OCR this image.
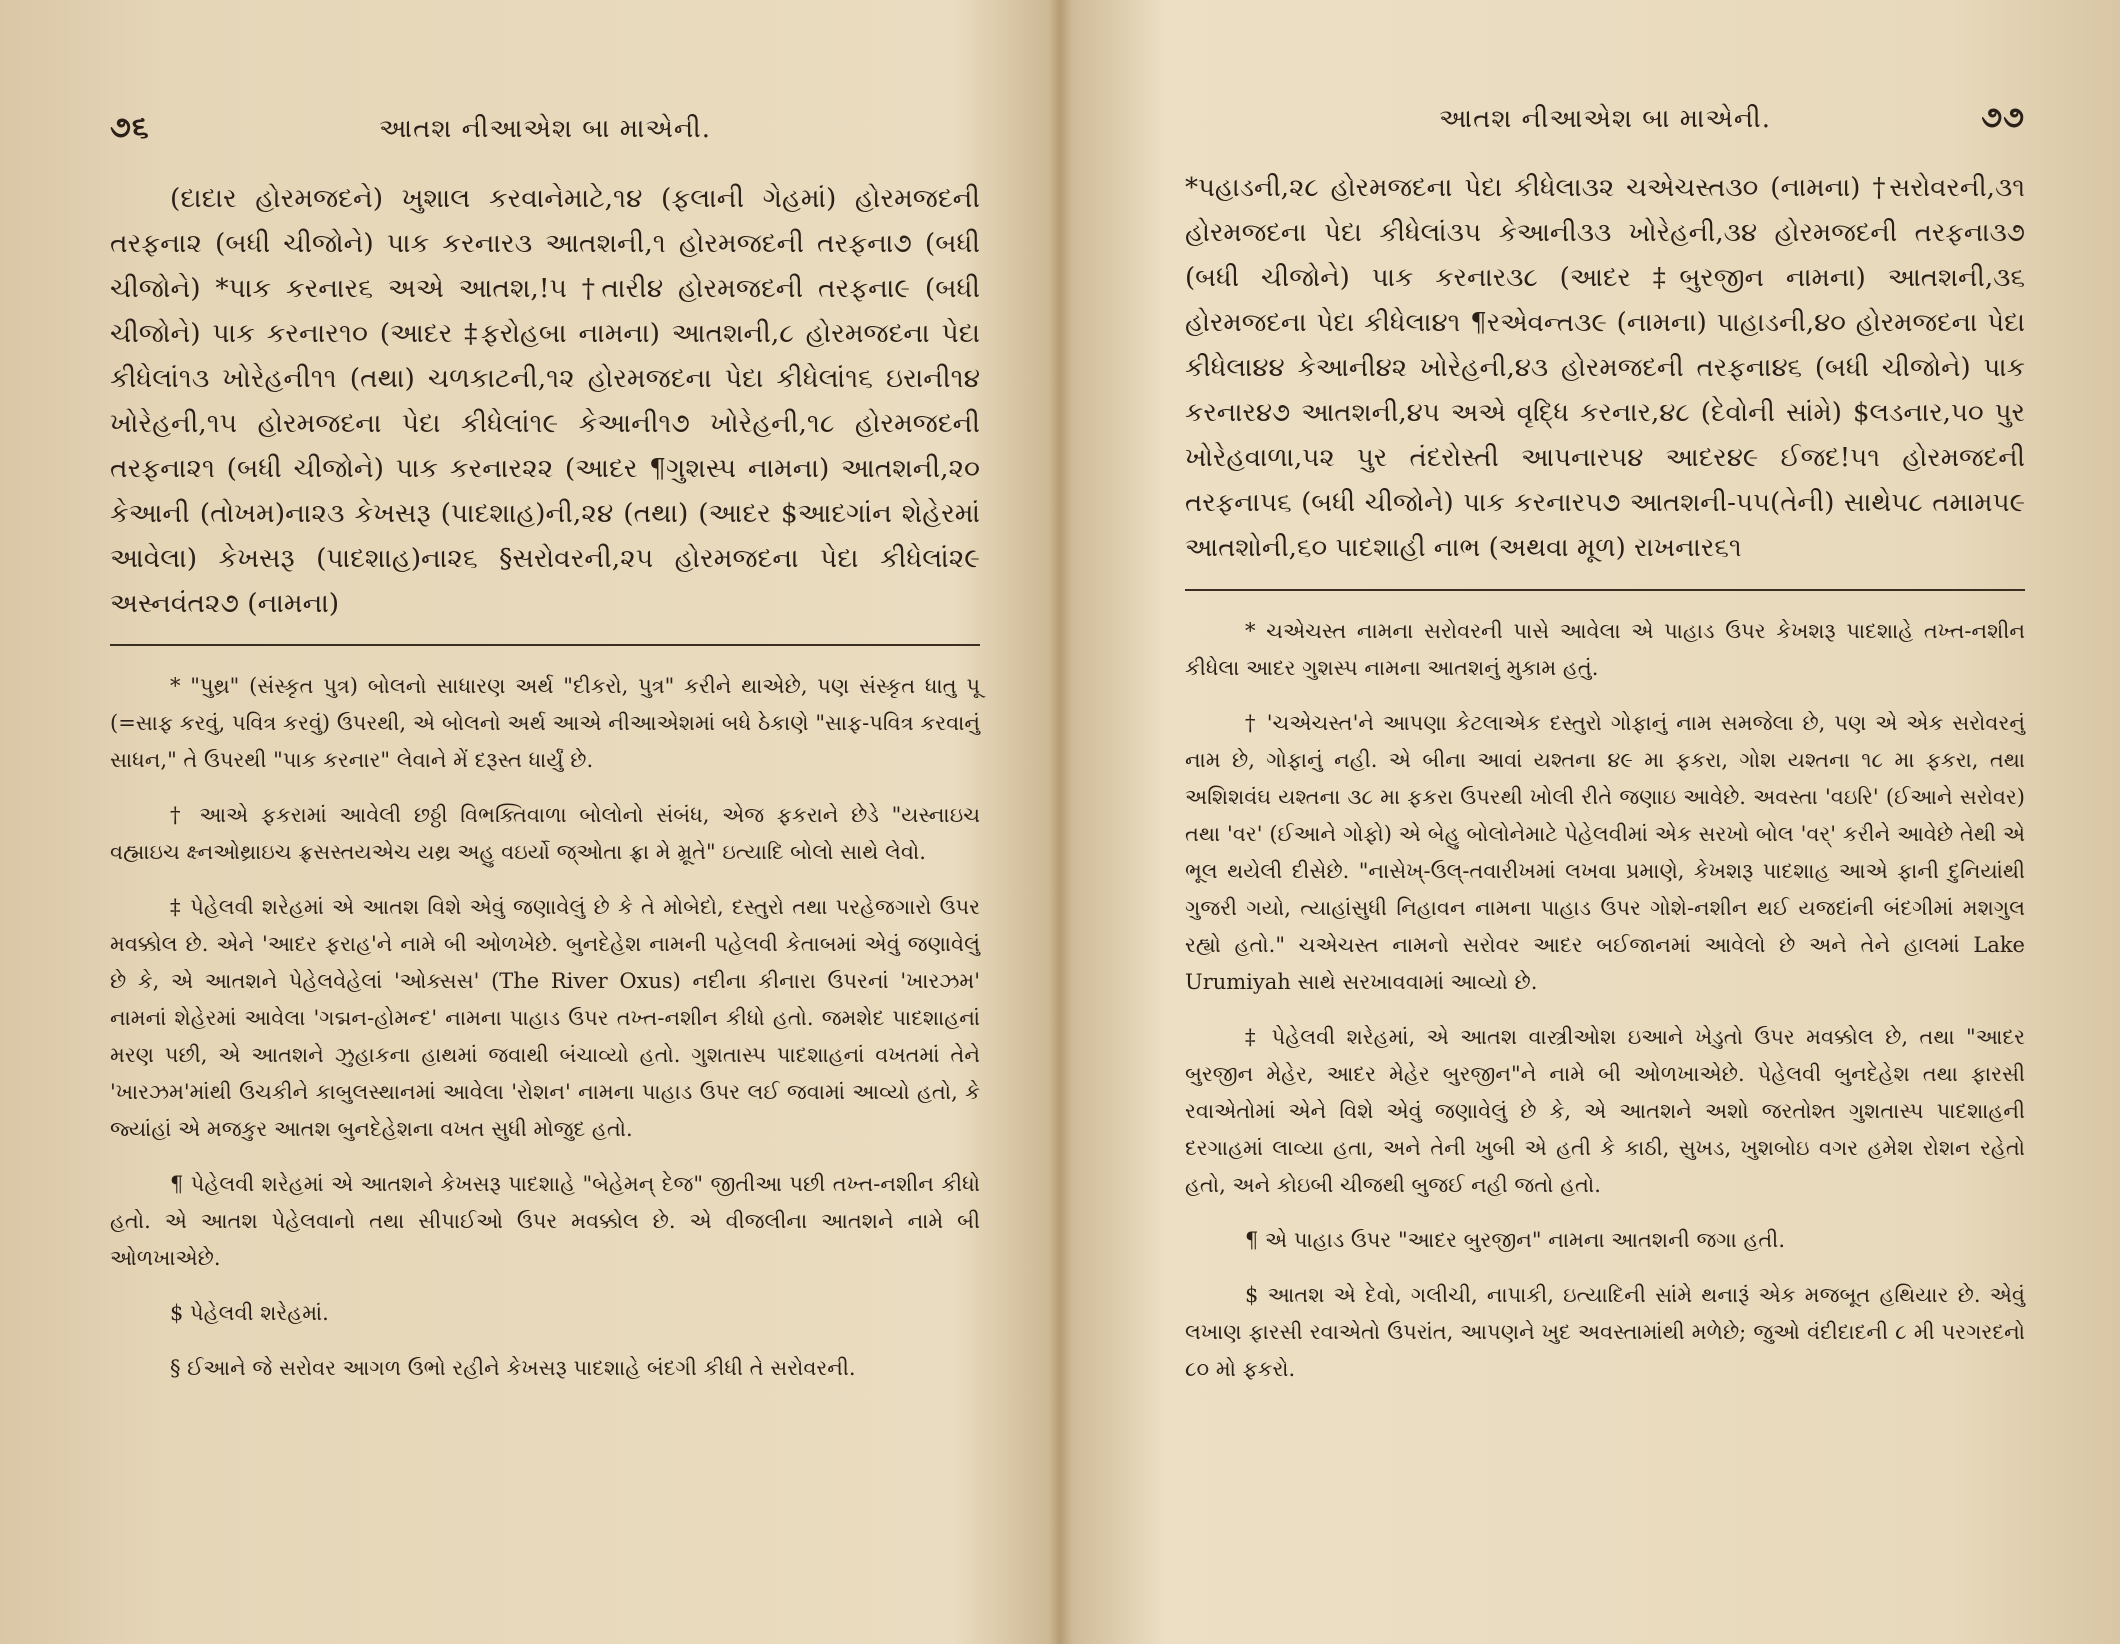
૭૬	આતશ નીઆએશ બા માએની.

(દાદાર હોરમજદને) ખુશાલ કરવાનેમાટે,૧૪ (ફલાની ગેહમાં) હોરમજદની તરફના૨ (બધી ચીજોને) પાક કરનાર૩ આતશની,૧ હોરમજદની તરફના૭ (બધી ચીજોને) *પાક કરનાર૬ અએ આતશ,!૫ †તારી૪ હોરમજદની તરફના૯ (બધી ચીજોને) પાક કરનાર૧૦ (આદર ‡ફરોહબા નામના) આતશની,૮ હોરમજદના પેદા કીધેલાં૧૩ ખોરેહની૧૧ (તથા) ચળકાટની,૧૨ હોરમજદના પેદા કીધેલાં૧૬ ઇરાની૧૪ ખોરેહની,૧૫ હોરમજદના પેદા કીધેલાં૧૯ કેઆની૧૭ ખોરેહની,૧૮ હોરમજદની તરફના૨૧ (બધી ચીજોને) પાક કરનાર૨૨ (આદર ¶ગુશસ્પ નામના) આતશની,૨૦ કેઆની (તોખમ)ના૨૩ કેખસરૂ (પાદશાહ)ની,૨૪ (તથા) (આદર $આદગાંન શેહેરમાં આવેલા) કેખસરૂ (પાદશાહ)ના૨૬ §સરોવરની,૨૫ હોરમજદના પેદા કીધેલાં૨૯ અસ્નવંત૨૭ (નામના)

* "પુથ્ર" (સંસ્કૃત પુત્ર) બોલનો સાધારણ અર્થ "દીકરો, પુત્ર" કરીને થાએછે, પણ સંસ્કૃત ધાતુ પૂ (=સાફ કરવું, પવિત્ર કરવું) ઉપરથી, એ બોલનો અર્થ આએ નીઆએશમાં બધે ઠેકાણે "સાફ-પવિત્ર કરવાનું સાધન," તે ઉપરથી "પાક કરનાર" લેવાને મેં દરૂસ્ત ધાર્યું છે.

† આએ ફકરામાં આવેલી છઠ્ઠી વિભક્તિવાળા બોલોનો સંબંધ, એજ ફકરાને છેડે "યસ્નાઇચ વહ્માઇચ ક્ષ્નઓથ્રાઇચ ફ્રસસ્તયએચ યથ્ર અહુ વઇર્યો જ્ઓતા ફ્રા મે મ્રૂતે" ઇત્યાદિ બોલો સાથે લેવો.

‡ પેહેલવી શરેહમાં એ આતશ વિશે એવું જણાવેલું છે કે તે મોબેદો, દસ્તુરો તથા પરહેજગારો ઉપર મવક્કોલ છે. એને 'આદર ફરાહ'ને નામે બી ઓળખેછે. બુનદેહેશ નામની પહેલવી કેતાબમાં એવું જણાવેલું છે કે, એ આતશને પેહેલવેહેલાં 'ઓક્સસ' (The River Oxus) નદીના કીનારા ઉપરનાં 'ખારઝમ' નામનાં શેહેરમાં આવેલા 'ગદ્મન-હોમન્દ' નામના પાહાડ ઉપર તખ્ત-નશીન કીધો હતો. જમશેદ પાદશાહનાં મરણ પછી, એ આતશને ઝુહાકના હાથમાં જવાથી બંચાવ્યો હતો. ગુશતાસ્પ પાદશાહનાં વખતમાં તેને 'ખારઝમ'માંથી ઉચકીને કાબુલસ્થાનમાં આવેલા 'રોશન' નામના પાહાડ ઉપર લઈ જવામાં આવ્યો હતો, કે જ્યાંહાં એ મજકુર આતશ બુનદેહેશના વખત સુધી મોજુદ હતો.

¶ પેહેલવી શરેહમાં એ આતશને કેખસરૂ પાદશાહે "બેહેમન્ દેજ" જીતીઆ પછી તખ્ત-નશીન કીધો હતો. એ આતશ પેહેલવાનો તથા સીપાઈઓ ઉપર મવક્કોલ છે. એ વીજલીના આતશને નામે બી ઓળખાએછે.

$ પેહેલવી શરેહમાં.

§ ઈઆને જે સરોવર આગળ ઉભો રહીને કેખસરૂ પાદશાહે બંદગી કીધી તે સરોવરની.

આતશ નીઆએશ બા માએની.	૭૭

*પહાડની,૨૮ હોરમજદના પેદા કીધેલા૩૨ ચએચસ્ત૩૦ (નામના) †સરોવરની,૩૧ હોરમજદના પેદા કીધેલાં૩૫ કેઆની૩૩ ખોરેહની,૩૪ હોરમજદની તરફના૩૭ (બધી ચીજોને) પાક કરનાર૩૮ (આદર ‡બુરજીન નામના) આતશની,૩૬ હોરમજદના પેદા કીધેલા૪૧ ¶રએવન્ત૩૯ (નામના) પાહાડની,૪૦ હોરમજદના પેદા કીધેલા૪૪ કેઆની૪૨ ખોરેહની,૪૩ હોરમજદની તરફના૪૬ (બધી ચીજોને) પાક કરનાર૪૭ આતશની,૪૫ અએ વૃદ્ધિ કરનાર,૪૮ (દેવોની સાંમે) $લડનાર,૫૦ પુર ખોરેહવાળા,૫૨ પુર તંદરોસ્તી આપનાર૫૪ આદર૪૯ ઈજદ!૫૧ હોરમજદની તરફના૫૬ (બધી ચીજોને) પાક કરનાર૫૭ આતશની-૫૫(તેની) સાથે૫૮ તમામ૫૯ આતશોની,૬૦ પાદશાહી નાભ (અથવા મૂળ) રાખનાર૬૧

* ચએચસ્ત નામના સરોવરની પાસે આવેલા એ પાહાડ ઉપર કેખશરૂ પાદશાહે તખ્ત-નશીન કીધેલા આદર ગુશસ્પ નામના આતશનું મુકામ હતું.

† 'ચએચસ્ત'ને આપણા કેટલાએક દસ્તુરો ગોફાનું નામ સમજેલા છે, પણ એ એક સરોવરનું નામ છે, ગોફાનું નહી. એ બીના આવાં યશ્તના ૪૯ મા ફકરા, ગોશ યશ્તના ૧૮ મા ફકરા, તથા અશિશવંઘ યશ્તના ૩૮ મા ફકરા ઉપરથી ખોલી રીતે જણાઇ આવેછે. અવસ્તા 'વઇરિ' (ઈઆને સરોવર) તથા 'વર' (ઈઆને ગોફો) એ બેહુ બોલોનેમાટે પેહેલવીમાં એક સરખો બોલ 'વર્' કરીને આવેછે તેથી એ ભૂલ થયેલી દીસેછે. "નાસેખ્-ઉલ્-તવારીખમાં લખવા પ્રમાણે, કેખશરૂ પાદશાહ આએ ફાની દુનિયાંથી ગુજરી ગયો, ત્યાહાંસુધી નિહાવન નામના પાહાડ ઉપર ગોશે-નશીન થઈ યજદાંની બંદગીમાં મશગુલ રહ્યો હતો." ચએચસ્ત નામનો સરોવર આદર બઈજાનમાં આવેલો છે અને તેને હાલમાં Lake Urumiyah સાથે સરખાવવામાં આવ્યો છે.

‡ પેહેલવી શરેહમાં, એ આતશ વાસ્ત્રીઓશ ઇઆને ખેડુતો ઉપર મવક્કોલ છે, તથા "આદર બુરજીન મેહેર, આદર મેહેર બુરજીન"ને નામે બી ઓળખાએછે. પેહેલવી બુનદેહેશ તથા ફારસી રવાએતોમાં એને વિશે એવું જણાવેલું છે કે, એ આતશને અશો જરતોશ્ત ગુશતાસ્પ પાદશાહની દરગાહમાં લાવ્યા હતા, અને તેની ખુબી એ હતી કે કાઠી, સુખડ, ખુશબોઇ વગર હમેશ રોશન રહેતો હતો, અને કોઇબી ચીજથી બુજઈ નહી જતો હતો.

¶ એ પાહાડ ઉપર "આદર બુરજીન" નામના આતશની જગા હતી.

$ આતશ એ દેવો, ગલીચી, નાપાકી, ઇત્યાદિની સાંમે થનારૂં એક મજબૂત હથિયાર છે. એવું લખાણ ફારસી રવાએતો ઉપરાંત, આપણને ખુદ અવસ્તામાંથી મળેછે; જુઓ વંદીદાદની ૮ મી પરગરદનો ૮૦ મો ફકરો.
